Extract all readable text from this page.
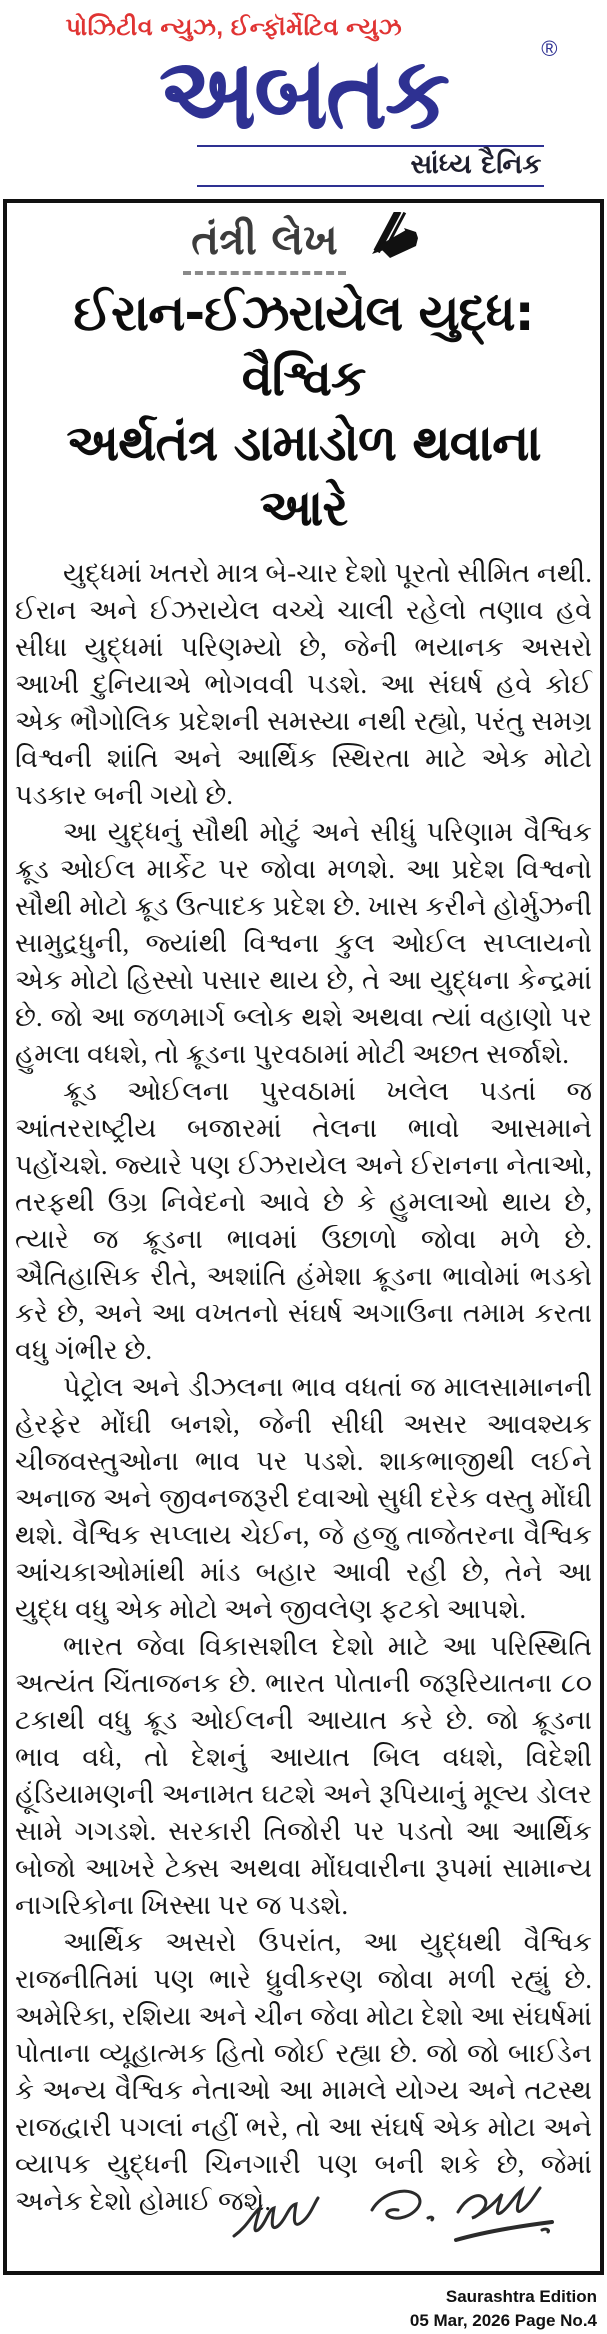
પોઝિટીવ ન્યુઝ, ઈન્ફૉર્મેટિવ ન્યુઝ
અબતક	®
સાંધ્ય દૈનિક
તંત્રી લેખ
ઈરાન-ઈઝરાયેલ યુદ્ધ: વૈશ્વિક
અર્થતંત્ર ડામાડોળ થવાના આરે

યુદ્ધમાં ખતરો માત્ર બે-ચાર દેશો પૂરતો સીમિત નથી. ઈરાન અને ઈઝરાયેલ વચ્ચે ચાલી રહેલો તણાવ હવે સીધા યુદ્ધમાં પરિણમ્યો છે, જેની ભયાનક અસરો આખી દુનિયાએ ભોગવવી પડશે. આ સંઘર્ષ હવે કોઈ એક ભૌગોલિક પ્રદેશની સમસ્યા નથી રહ્યો, પરંતુ સમગ્ર વિશ્વની શાંતિ અને આર્થિક સ્થિરતા માટે એક મોટો પડકાર બની ગયો છે.

આ યુદ્ધનું સૌથી મોટું અને સીધું પરિણામ વૈશ્વિક ક્રૂડ ઓઈલ માર્કેટ પર જોવા મળશે. આ પ્રદેશ વિશ્વનો સૌથી મોટો ક્રૂડ ઉત્પાદક પ્રદેશ છે. ખાસ કરીને હોર્મુઝની સામુદ્રધુની, જ્યાંથી વિશ્વના કુલ ઓઈલ સપ્લાયનો એક મોટો હિસ્સો પસાર થાય છે, તે આ યુદ્ધના કેન્દ્રમાં છે. જો આ જળમાર્ગ બ્લોક થશે અથવા ત્યાં વહાણો પર હુમલા વધશે, તો ક્રૂડના પુરવઠામાં મોટી અછત સર્જાશે.

ક્રૂડ ઓઈલના પુરવઠામાં ખલેલ પડતાં જ આંતરરાષ્ટ્રીય બજારમાં તેલના ભાવો આસમાને પહોંચશે. જ્યારે પણ ઈઝરાયેલ અને ઈરાનના નેતાઓ, તરફથી ઉગ્ર નિવેદનો આવે છે કે હુમલાઓ થાય છે, ત્યારે જ ક્રૂડના ભાવમાં ઉછાળો જોવા મળે છે. ઐતિહાસિક રીતે, અશાંતિ હંમેશા ક્રૂડના ભાવોમાં ભડકો કરે છે, અને આ વખતનો સંઘર્ષ અગાઉના તમામ કરતા વધુ ગંભીર છે.

પેટ્રોલ અને ડીઝલના ભાવ વધતાં જ માલસામાનની હેરફેર મોંઘી બનશે, જેની સીધી અસર આવશ્યક ચીજવસ્તુઓના ભાવ પર પડશે. શાકભાજીથી લઈને અનાજ અને જીવનજરૂરી દવાઓ સુધી દરેક વસ્તુ મોંઘી થશે. વૈશ્વિક સપ્લાય ચેઈન, જે હજુ તાજેતરના વૈશ્વિક આંચકાઓમાંથી માંડ બહાર આવી રહી છે, તેને આ યુદ્ધ વધુ એક મોટો અને જીવલેણ ફટકો આપશે.

ભારત જેવા વિકાસશીલ દેશો માટે આ પરિસ્થિતિ અત્યંત ચિંતાજનક છે. ભારત પોતાની જરૂરિયાતના ૮૦ ટકાથી વધુ ક્રૂડ ઓઈલની આયાત કરે છે. જો ક્રૂડના ભાવ વધે, તો દેશનું આયાત બિલ વધશે, વિદેશી હૂંડિયામણની અનામત ઘટશે અને રૂપિયાનું મૂલ્ય ડોલર સામે ગગડશે. સરકારી તિજોરી પર પડતો આ આર્થિક બોજો આખરે ટેક્સ અથવા મોંઘવારીના રૂપમાં સામાન્ય નાગરિકોના ખિસ્સા પર જ પડશે.

આર્થિક અસરો ઉપરાંત, આ યુદ્ધથી વૈશ્વિક રાજનીતિમાં પણ ભારે ધ્રુવીકરણ જોવા મળી રહ્યું છે. અમેરિકા, રશિયા અને ચીન જેવા મોટા દેશો આ સંઘર્ષમાં પોતાના વ્યૂહાત્મક હિતો જોઈ રહ્યા છે. જો જો બાઈડેન કે અન્ય વૈશ્વિક નેતાઓ આ મામલે યોગ્ય અને તટસ્થ રાજદ્વારી પગલાં નહીં ભરે, તો આ સંઘર્ષ એક મોટા અને વ્યાપક યુદ્ધની ચિનગારી પણ બની શકે છે, જેમાં અનેક દેશો હોમાઈ જશે.

Saurashtra Edition
05 Mar, 2026 Page No.4
